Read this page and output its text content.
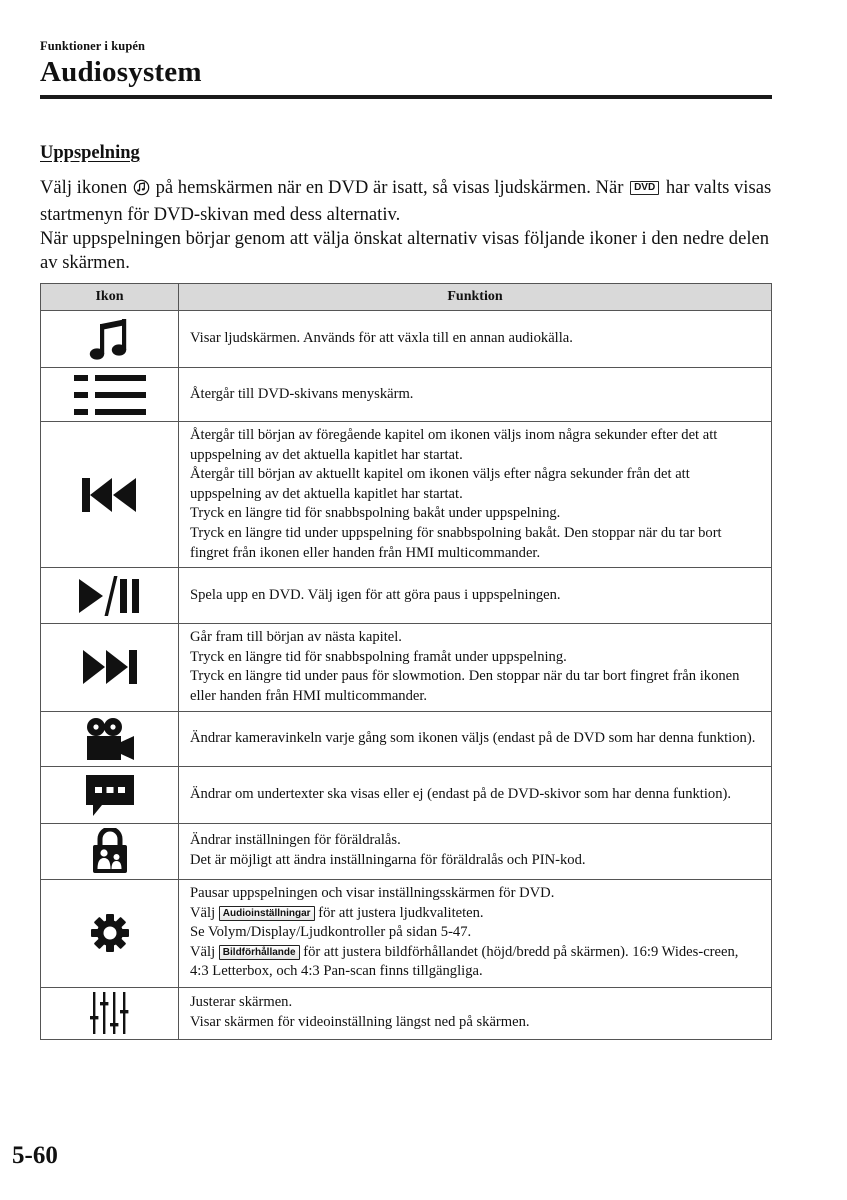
Funktioner i kupén
Audiosystem
Uppspelning

Välj ikonen på hemskärmen när en DVD är isatt, så visas ljudskärmen. När DVD har valts visas startmenyn för DVD-skivan med dess alternativ.

När uppspelningen börjar genom att välja önskat alternativ visas följande ikoner i den nedre delen av skärmen.

Ikon	Funktion

Visar ljudskärmen. Används för att växla till en annan audiokälla.

Återgår till DVD-skivans menyskärm.

Återgår till början av föregående kapitel om ikonen väljs inom några sekunder efter det att uppspelning av det aktuella kapitlet har startat.
Återgår till början av aktuellt kapitel om ikonen väljs efter några sekunder från det att uppspelning av det aktuella kapitlet har startat.
Tryck en längre tid för snabbspolning bakåt under uppspelning.
Tryck en längre tid under uppspelning för snabbspolning bakåt. Den stoppar när du tar bort fingret från ikonen eller handen från HMI multicommander.

Spela upp en DVD. Välj igen för att göra paus i uppspelningen.

Går fram till början av nästa kapitel.
Tryck en längre tid för snabbspolning framåt under uppspelning.
Tryck en längre tid under paus för slowmotion. Den stoppar när du tar bort fingret från ikonen eller handen från HMI multicommander.

Ändrar kameravinkeln varje gång som ikonen väljs (endast på de DVD som har denna funktion).

Ändrar om undertexter ska visas eller ej (endast på de DVD-skivor som har denna funktion).

Ändrar inställningen för föräldralås.
Det är möjligt att ändra inställningarna för föräldralås och PIN-kod.

Pausar uppspelningen och visar inställningsskärmen för DVD.
Välj Audioinställningar för att justera ljudkvaliteten.
Se Volym/Display/Ljudkontroller på sidan 5-47.
Välj Bildförhållande för att justera bildförhållandet (höjd/bredd på skärmen). 16:9 Wides-creen, 4:3 Letterbox, och 4:3 Pan-scan finns tillgängliga.

Justerar skärmen.
Visar skärmen för videoinställning längst ned på skärmen.
5-60
